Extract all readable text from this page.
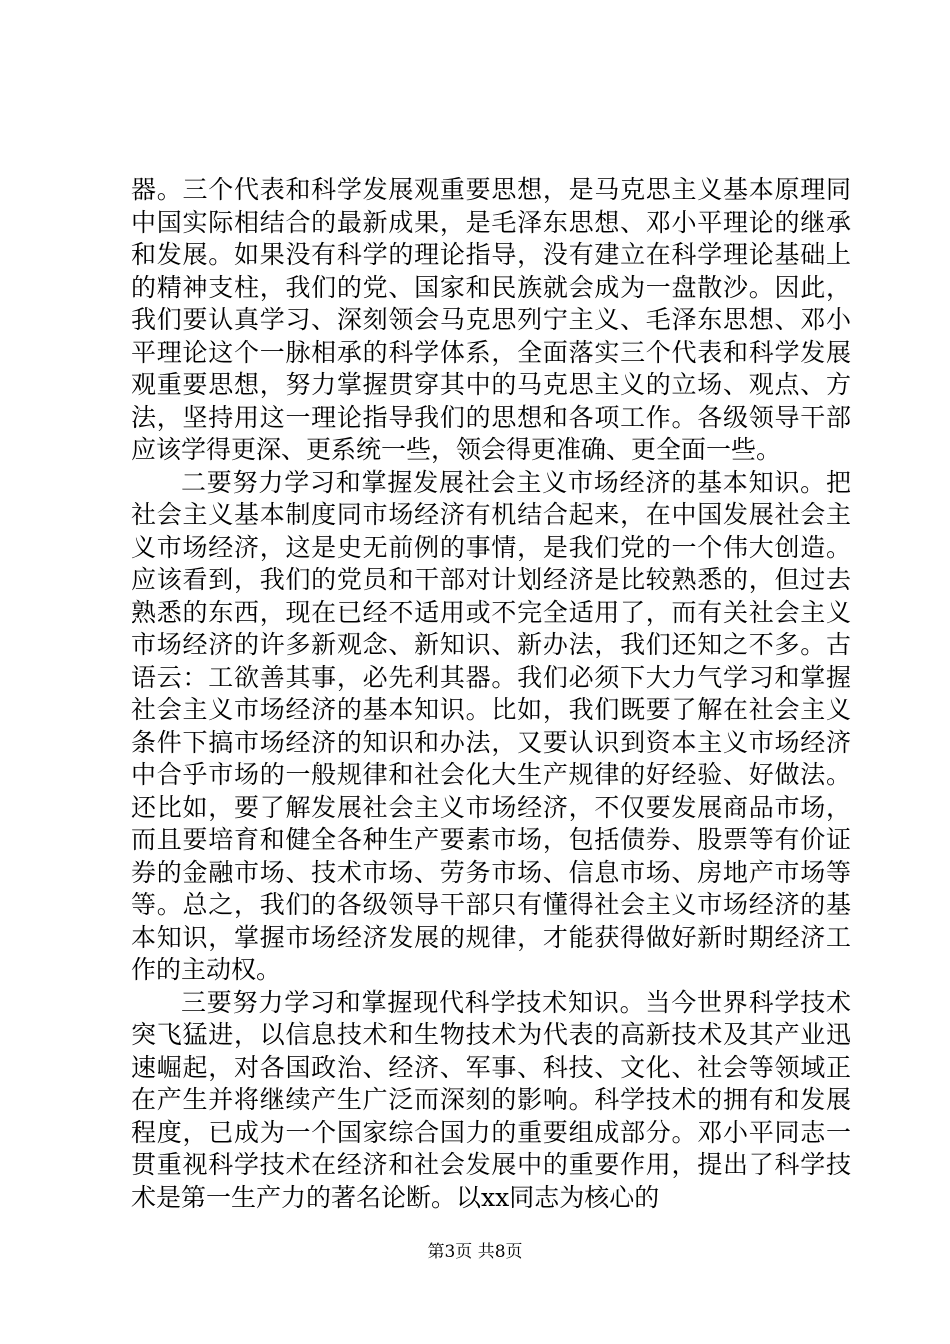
器。三个代表和科学发展观重要思想，是马克思主义基本原理同中国实际相结合的最新成果，是毛泽东思想、邓小平理论的继承和发展。如果没有科学的理论指导，没有建立在科学理论基础上的精神支柱，我们的党、国家和民族就会成为一盘散沙。因此，我们要认真学习、深刻领会马克思列宁主义、毛泽东思想、邓小平理论这个一脉相承的科学体系，全面落实三个代表和科学发展观重要思想，努力掌握贯穿其中的马克思主义的立场、观点、方法，坚持用这一理论指导我们的思想和各项工作。各级领导干部应该学得更深、更系统一些，领会得更准确、更全面一些。

二要努力学习和掌握发展社会主义市场经济的基本知识。把社会主义基本制度同市场经济有机结合起来，在中国发展社会主义市场经济，这是史无前例的事情，是我们党的一个伟大创造。应该看到，我们的党员和干部对计划经济是比较熟悉的，但过去熟悉的东西，现在已经不适用或不完全适用了，而有关社会主义市场经济的许多新观念、新知识、新办法，我们还知之不多。古语云：工欲善其事，必先利其器。我们必须下大力气学习和掌握社会主义市场经济的基本知识。比如，我们既要了解在社会主义条件下搞市场经济的知识和办法，又要认识到资本主义市场经济中合乎市场的一般规律和社会化大生产规律的好经验、好做法。还比如，要了解发展社会主义市场经济，不仅要发展商品市场，而且要培育和健全各种生产要素市场，包括债券、股票等有价证券的金融市场、技术市场、劳务市场、信息市场、房地产市场等等。总之，我们的各级领导干部只有懂得社会主义市场经济的基本知识，掌握市场经济发展的规律，才能获得做好新时期经济工作的主动权。

三要努力学习和掌握现代科学技术知识。当今世界科学技术突飞猛进，以信息技术和生物技术为代表的高新技术及其产业迅速崛起，对各国政治、经济、军事、科技、文化、社会等领域正在产生并将继续产生广泛而深刻的影响。科学技术的拥有和发展程度，已成为一个国家综合国力的重要组成部分。邓小平同志一贯重视科学技术在经济和社会发展中的重要作用，提出了科学技术是第一生产力的著名论断。以xx同志为核心的

第3页 共8页
